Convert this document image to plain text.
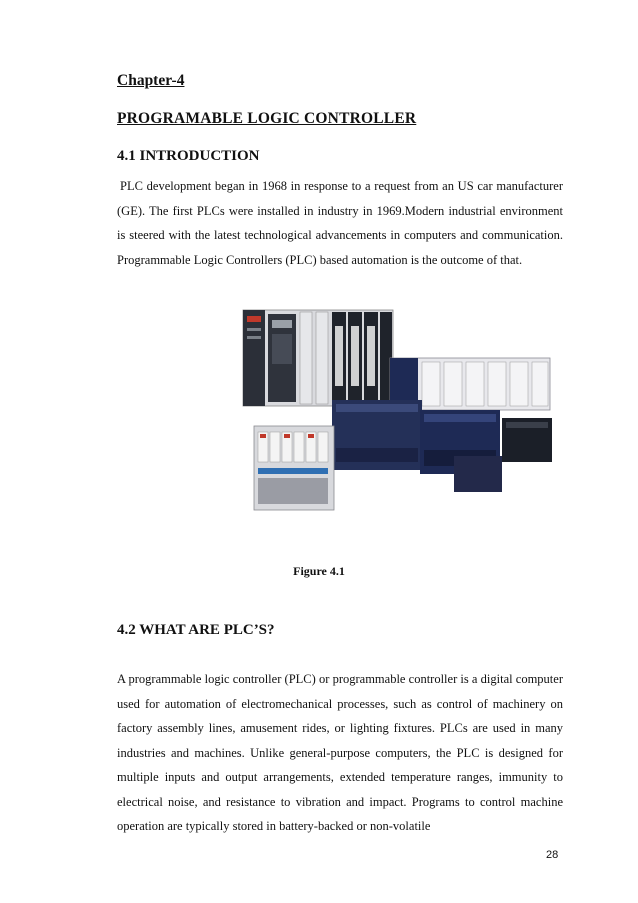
Chapter-4
PROGRAMABLE LOGIC CONTROLLER
4.1 INTRODUCTION
PLC development began in 1968 in response to a request from an US car manufacturer (GE). The first PLCs were installed in industry in 1969.Modern industrial environment is steered with the latest technological advancements in computers and communication. Programmable Logic Controllers (PLC) based automation is the outcome of that.
Figure 4.1
4.2 WHAT ARE PLC’S?
A programmable logic controller (PLC) or programmable controller is a digital computer used for automation of electromechanical processes, such as control of machinery on factory assembly lines, amusement rides, or lighting fixtures. PLCs are used in many industries and machines. Unlike general-purpose computers, the PLC is designed for multiple inputs and output arrangements, extended temperature ranges, immunity to electrical noise, and resistance to vibration and impact. Programs to control machine operation are typically stored in battery-backed or non-volatile
28
